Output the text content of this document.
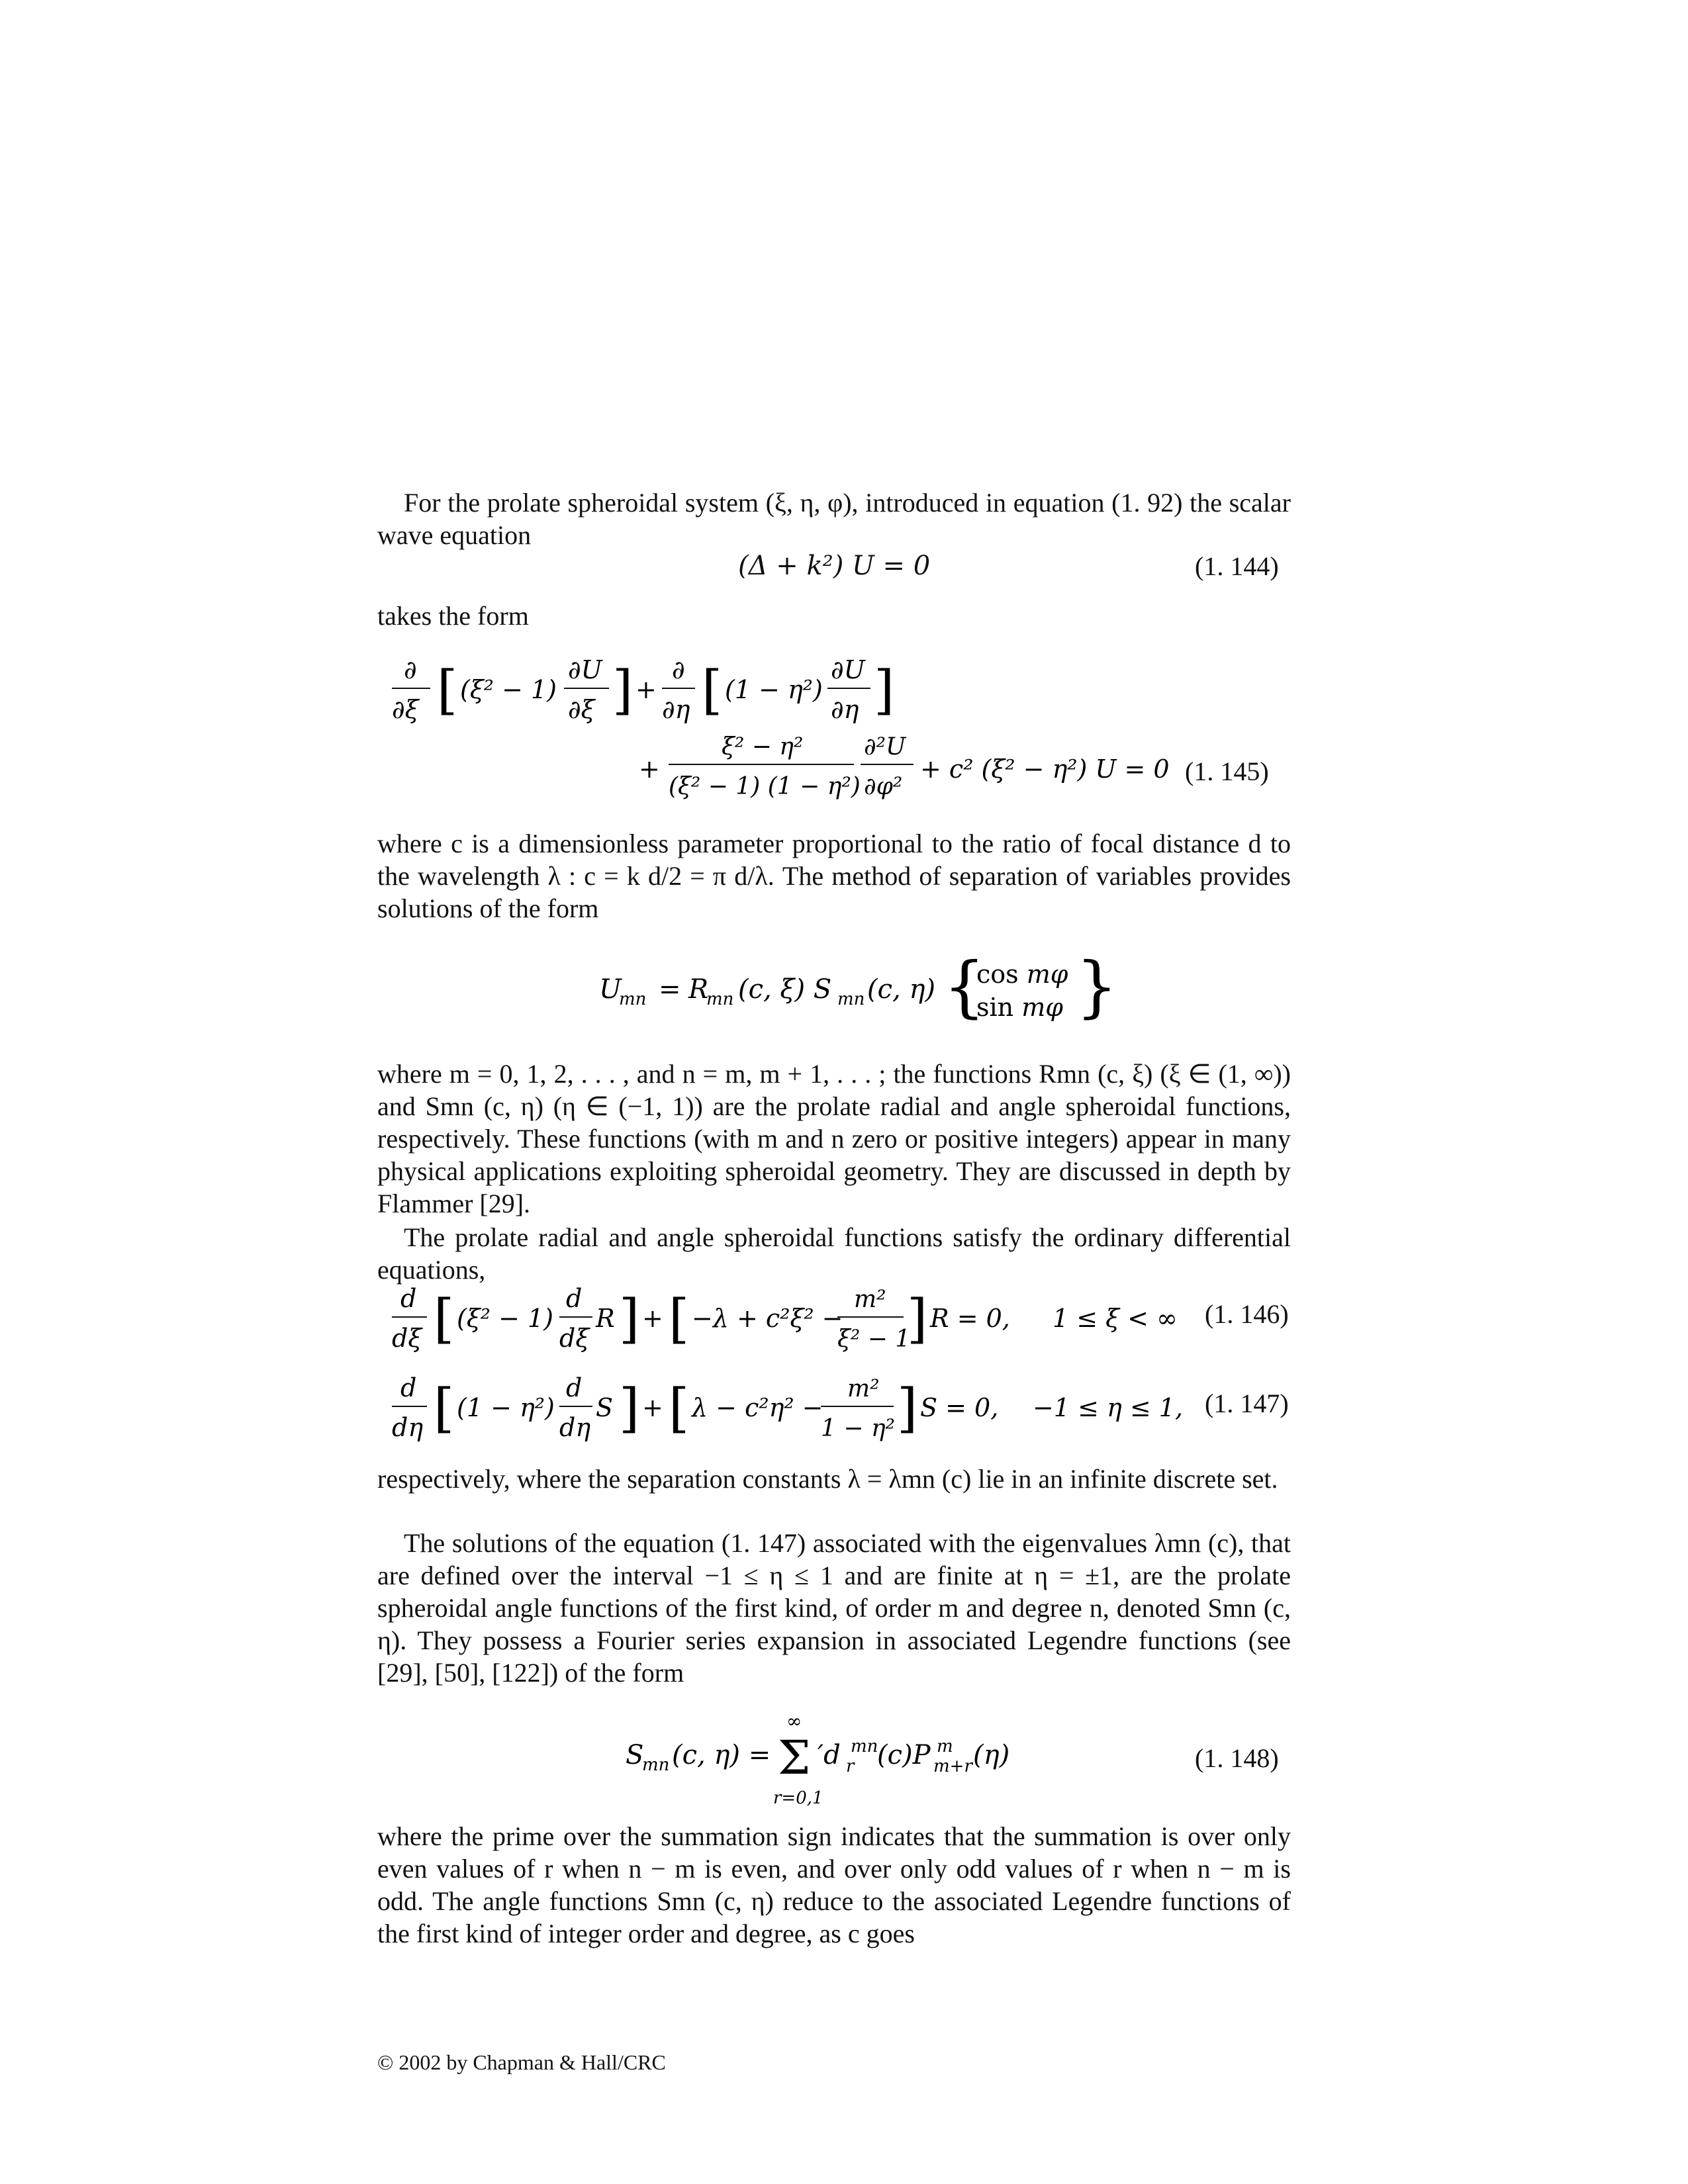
For the prolate spheroidal system (ξ, η, φ), introduced in equation (1. 92) the scalar wave equation

(Δ + k²) U = 0	(1. 144)

takes the form

∂
∂ξ [ (ξ² − 1)
∂U
∂ξ ] +
∂
∂η [ (1 − η²)
∂U
∂η ]
+
ξ² − η²
(ξ² − 1) (1 − η²)
∂²U
∂φ²
+ c² (ξ² − η²) U = 0 (1. 145)

where c is a dimensionless parameter proportional to the ratio of focal distance d to the wavelength λ : c = k d/2 = π d/λ. The method of separation of variables provides solutions of the form

U
mn = R
mn (c, ξ) S mn (c, η) {
cos mφ
sin mφ }

where m = 0, 1, 2, . . . , and n = m, m + 1, . . . ; the functions Rmn (c, ξ) (ξ ∈ (1, ∞)) and Smn (c, η) (η ∈ (−1, 1)) are the prolate radial and angle spheroidal functions, respectively. These functions (with m and n zero or positive integers) appear in many physical applications exploiting spheroidal geometry. They are discussed in depth by Flammer [29].

The prolate radial and angle spheroidal functions satisfy the ordinary differential equations,

d
dξ [ (ξ² − 1)
d
dξ
R ] + [ −λ + c²ξ² −
m²
ξ² − 1
] R = 0, 1 ≤ ξ < ∞ (1. 146)
d
dη [ (1 − η²)
d
dη
S ] + [ λ − c²η² −
m²
1 − η² ] S = 0, −1 ≤ η ≤ 1, (1. 147)

respectively, where the separation constants λ = λmn (c) lie in an infinite discrete set.

The solutions of the equation (1. 147) associated with the eigenvalues λmn (c), that are defined over the interval −1 ≤ η ≤ 1 and are finite at η = ±1, are the prolate spheroidal angle functions of the first kind, of order m and degree n, denoted Smn (c, η). They possess a Fourier series expansion in associated Legendre functions (see [29], [50], [122]) of the form

S
mn (c, η) =
∞
Σ
r=0,1
′d mn
r (c)P m
m+r (η)	(1. 148)

where the prime over the summation sign indicates that the summation is over only even values of r when n − m is even, and over only odd values of r when n − m is odd. The angle functions Smn (c, η) reduce to the associated Legendre functions of the first kind of integer order and degree, as c goes

© 2002 by Chapman & Hall/CRC
